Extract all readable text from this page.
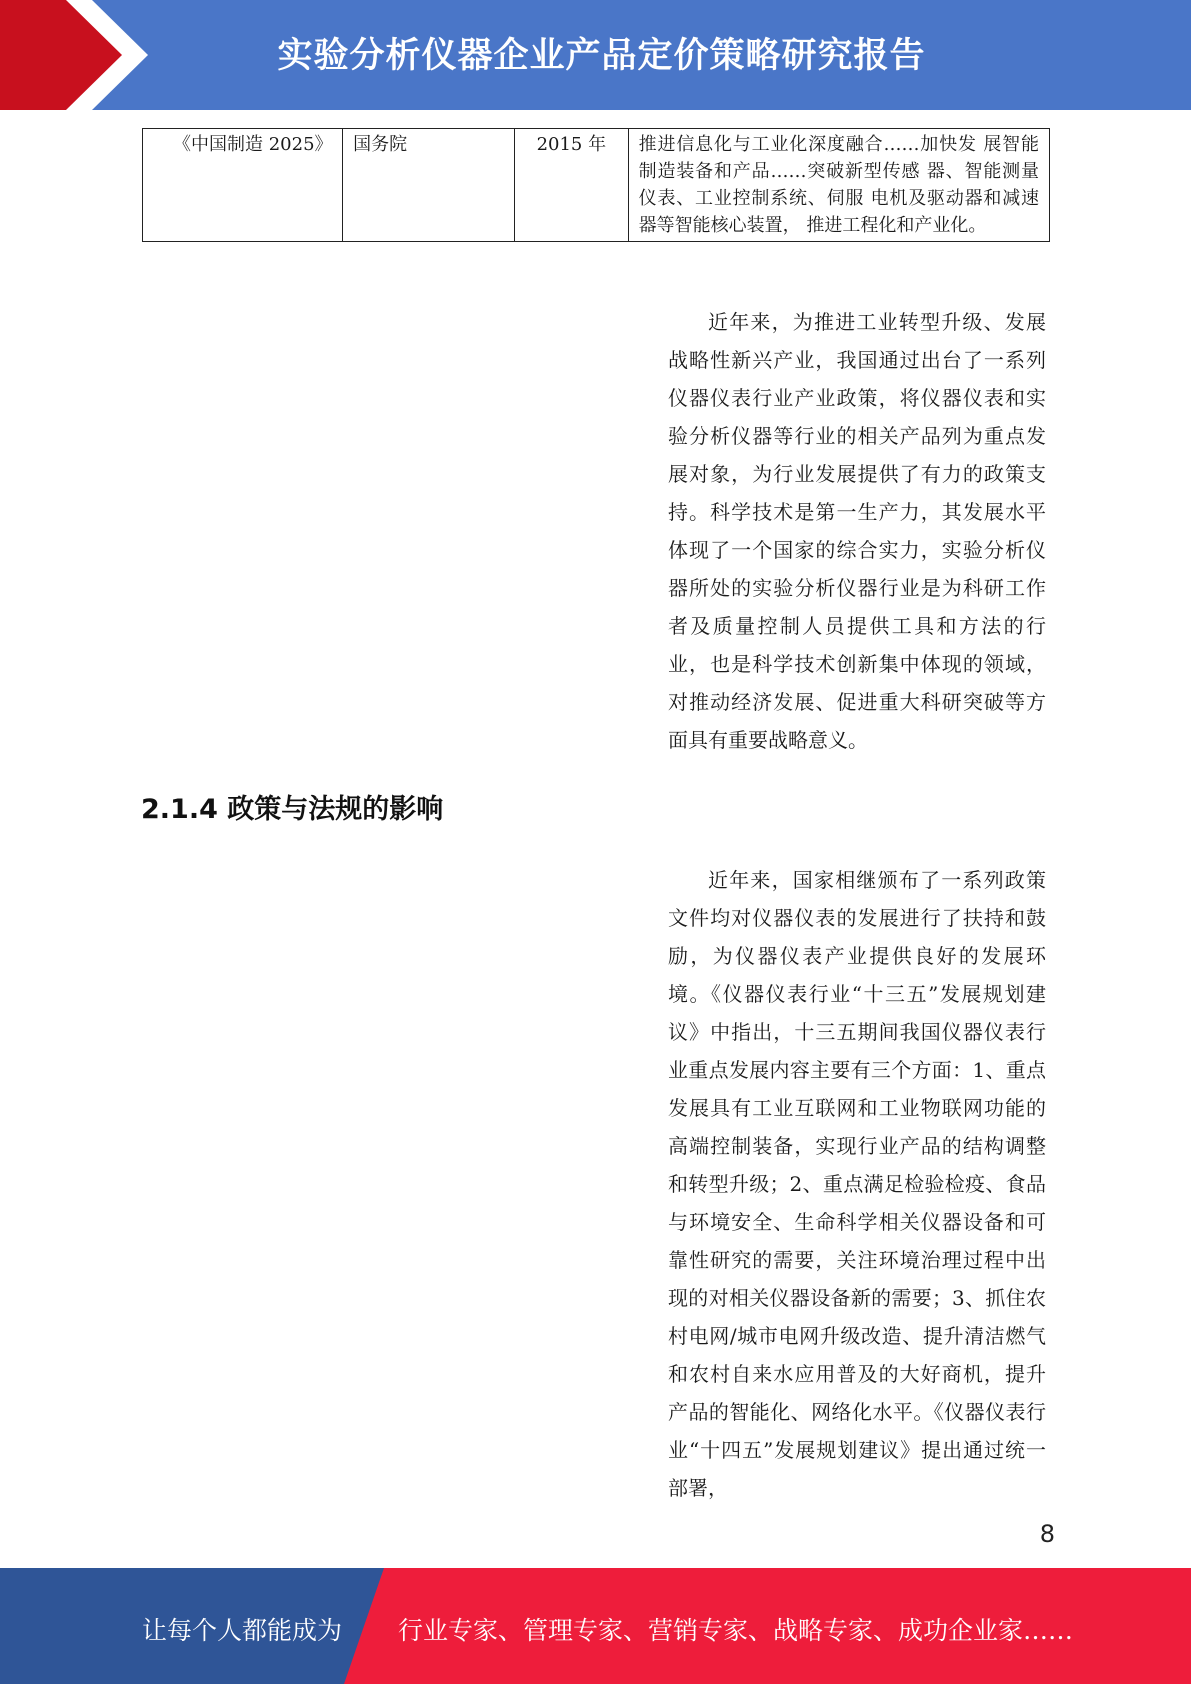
实验分析仪器企业产品定价策略研究报告
《中国制造 2025》	国务院	2015 年	推进信息化与工业化深度融合……加快发 展智能制造装备和产品……突破新型传感 器、智能测量仪表、工业控制系统、伺服 电机及驱动器和减速器等智能核心装置， 推进工程化和产业化。

近年来，为推进工业转型升级、发展战略性新兴产业，我国通过出台了一系列仪器仪表行业产业政策，将仪器仪表和实验分析仪器等行业的相关产品列为重点发展对象，为行业发展提供了有力的政策支持。科学技术是第一生产力，其发展水平体现了一个国家的综合实力，实验分析仪器所处的实验分析仪器行业是为科研工作者及质量控制人员提供工具和方法的行业，也是科学技术创新集中体现的领域，对推动经济发展、促进重大科研突破等方面具有重要战略意义。

2.1.4 政策与法规的影响

近年来，国家相继颁布了一系列政策文件均对仪器仪表的发展进行了扶持和鼓励，为仪器仪表产业提供良好的发展环境。《仪器仪表行业“十三五”发展规划建议》中指出，十三五期间我国仪器仪表行业重点发展内容主要有三个方面：1、重点发展具有工业互联网和工业物联网功能的高端控制装备，实现行业产品的结构调整和转型升级；2、重点满足检验检疫、食品与环境安全、生命科学相关仪器设备和可靠性研究的需要，关注环境治理过程中出现的对相关仪器设备新的需要；3、抓住农村电网/城市电网升级改造、提升清洁燃气和农村自来水应用普及的大好商机，提升产品的智能化、网络化水平。《仪器仪表行业“十四五”发展规划建议》提出通过统一部署，

8
让每个人都能成为 行业专家、管理专家、营销专家、战略专家、成功企业家……
